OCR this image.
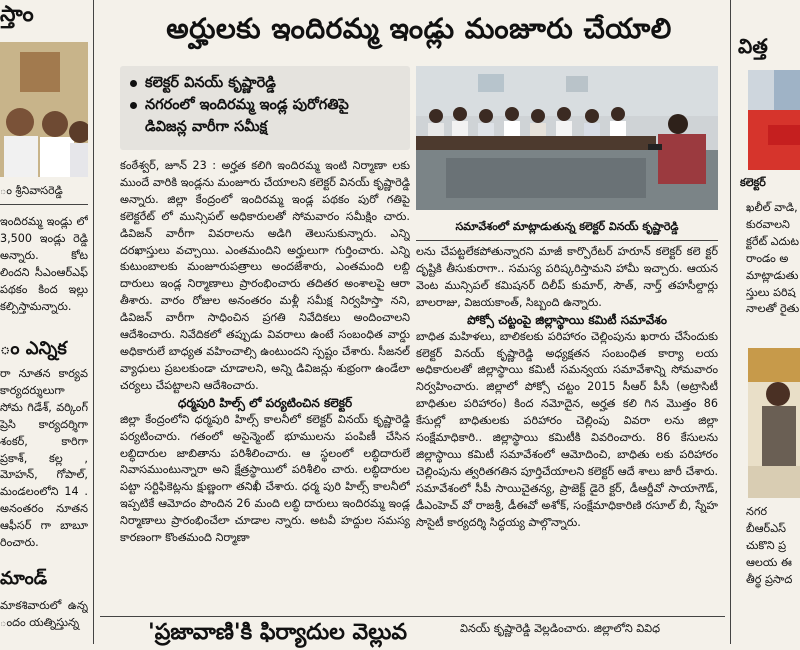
స్తాం
ం శ్రీనివాసరెడ్డి

ఇందిరమ్మ ఇండ్లు లో 3,500 ఇండ్లు రెడ్డి అన్నారు. కోట లిందని సీఎంఆర్ఎఫ్ పథకం కింద ఇల్లు కల్పిస్తామన్నారు.

ం ఎన్నిక

రా నూతన కార్యవ కార్యదర్శులుగా సోమ గిడేశ్, వర్కింగ్ ప్రెసి కార్యదర్శిగా శంకర్, కారిగా ప్రకాశ్, కల్ల , మోహన్, గోపాల్, మండలంలోని 14 . అనంతరం నూతన ఆఫీసర్ గా బాబూ రించారు.

మాండ్

మాకశివారులో ఉన్న ందం యత్నిస్తున్న

అర్హులకు ఇందిరమ్మ ఇండ్లు మంజూరు చేయాలి
కలెక్టర్ వినయ్ కృష్ణారెడ్డి
నగరంలో ఇందిరమ్మ ఇండ్ల పురోగతిపై
డివిజన్ల వారీగా సమీక్ష
సమావేశంలో మాట్లాడుతున్న కలెక్టర్ వినయ్ కృష్ణారెడ్డి

కంఠేశ్వర్, జూన్ 23 : అర్హత కలిగి ఇందిరమ్మ ఇంటి నిర్మాణా లకు ముందే వారికి ఇండ్లను మంజూరు చేయాలని కలెక్టర్ వినయ్ కృష్ణారెడ్డి అన్నారు. జిల్లా కేంద్రంలో ఇందిరమ్మ ఇండ్ల పథకం పురో గతిపై కలెక్టరేట్ లో మున్సిపల్ అధికారులతో సోమవారం సమీక్షిం చారు. డివిజన్ వారీగా వివరాలను అడిగి తెలుసుకున్నారు. ఎన్ని దరఖాస్తులు వచ్చాయి. ఎంతమందిని అర్హులుగా గుర్తించారు. ఎన్ని కుటుంబాలకు మంజూరుపత్రాలు అందజేశారు, ఎంతమంది లబ్ది దారులు ఇండ్ల నిర్మాణాలు ప్రారంభించారు తదితర అంశాలపై ఆరా తీశారు. వారం రోజుల అనంతరం మళ్లీ సమీక్ష నిర్వహిస్తా నని, డివిజన్ వారీగా సాధించిన ప్రగతి నివేదికలు అందించాలని ఆదేశించారు. నివేదికలో తప్పుడు వివరాలు ఉంటే సంబంధిత వార్డు అధికారులే బాధ్యత వహించాల్సి ఉంటుందని స్పష్టం చేశారు. సీజనల్ వ్యాధులు ప్రబలకుండా చూడాలని, అన్ని డివిజన్లు శుభ్రంగా ఉండేలా చర్యలు చేపట్టాలని ఆదేశించారు.

ధర్మపురి హిల్స్ లో పర్యటించిన కలెక్టర్

జిల్లా కేంద్రంలోని ధర్మపురి హిల్స్ కాలనీలో కలెక్టర్ వినయ్ కృష్ణారెడ్డి పర్యటించారు. గతంలో అసైన్మెంట్ భూములను పంపిణీ చేసిన లబ్ధిదారుల జాబితాను పరిశీలించారు. ఆ స్థలంలో లబ్ధిదారులే నివాసముంటున్నారా అని క్షేత్రస్థాయిలో పరిశీలిం చారు. లబ్ధిదారుల పట్టా సర్టిఫికెట్లను క్షుణ్ణంగా తనిఖీ చేశారు. ధర్మ పురి హిల్స్ కాలనీలో ఇప్పటికే ఆమోదం పొందిన 26 మంది లబ్ధి దారులు ఇందిరమ్మ ఇండ్ల నిర్మాణాలు ప్రారంభించేలా చూడాల న్నారు. అటవీ హద్దుల సమస్య కారణంగా కొంతమంది నిర్మాణా

లను చేపట్టలేకపోతున్నారని మాజీ కార్పొరేటర్ హరూన్ కలెక్టర్ కలె క్టర్ దృష్టికి తీసుకురాగా.. సమస్య పరిష్కరిస్తామని హామీ ఇచ్చారు. ఆయన వెంట మున్సిపల్ కమిషనర్ దిలీప్ కుమార్, సౌత్, నార్త్ తహసీల్దార్లు బాలరాజు, విజయకాంత్, సిబ్బంది ఉన్నారు.

పోక్సో చట్టంపై జిల్లాస్థాయి కమిటీ సమావేశం

బాధిత మహిళలు, బాలికలకు పరిహారం చెల్లింపును ఖరారు చేసేందుకు కలెక్టర్ వినయ్ కృష్ణారెడ్డి అధ్యక్షతన సంబంధిత కార్యా లయ అధికారులతో జిల్లాస్థాయి కమిటీ సమన్వయ సమావేశాన్ని సోమవారం నిర్వహించారు. జిల్లాలో పోక్సో చట్టం 2015 సీఆర్ పీసీ (అట్రాసిటీ బాధితుల పరిహారం) కింద నమోదైన, అర్హత కలి గిన మొత్తం 86 కేసుల్లో బాధితులకు పరిహారం చెల్లింపు వివరా లను జిల్లా సంక్షేమాధికారి.. జిల్లాస్థాయి కమిటీకి వివరించారు. 86 కేసులను జిల్లాస్థాయి కమిటీ సమావేశంలో ఆమోదించి, బాధితు లకు పరిహారం చెల్లింపును త్వరితగతిన పూర్తిచేయాలని కలెక్టర్ ఆదే శాలు జారీ చేశారు. సమావేశంలో సీపీ సాయిచైతన్య, ప్రాజెక్ట్ డైరె క్టర్, డీఆర్డీవో సాయాగౌడ్, డీఎంహెచ్ వో రాజశ్రీ, డీఈవో అశోక్, సంక్షేమాధికారిణి రసూల్ బీ, స్నేహ సొసైటీ కార్యదర్శి సిద్ధయ్య పాల్గొన్నారు.

'ప్రజావాణి'కి ఫిర్యాదుల వెల్లువ	వినయ్ కృష్ణారెడ్డి వెల్లడించారు. జిల్లాలోని వివిధ
విత్త
కలెక్టర్

ఖలీల్ వాడి, కురవాలని క్టరేట్ ఎదుట రాండం అ మాట్లాడుతు స్తులు పరిష నాలతో రైతు

నగర బీఆర్ఎస్ చుకొని ప్ర ఆలయ ఈ తీర్థ ప్రసాద
